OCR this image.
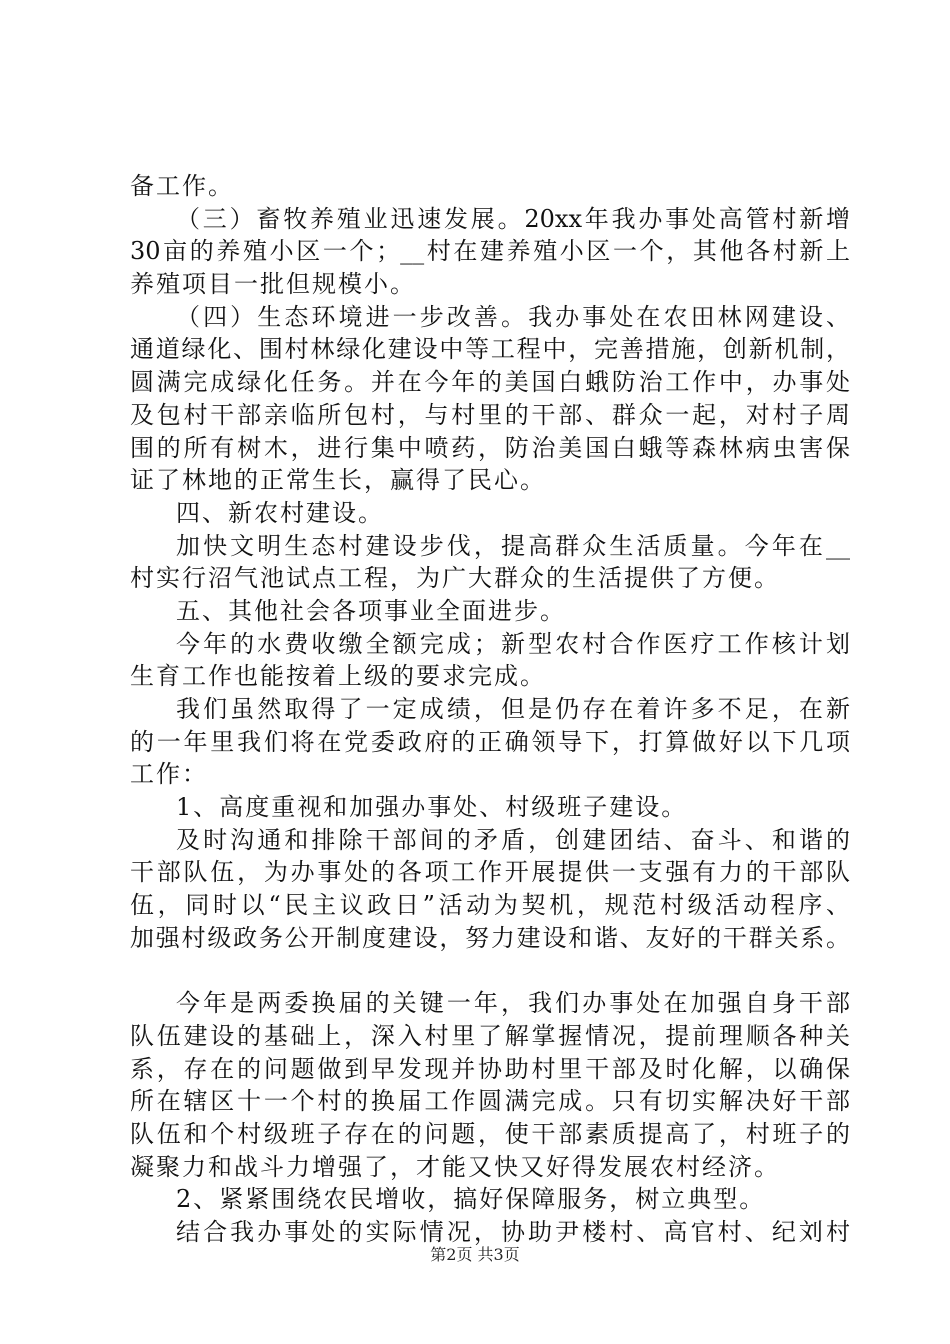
备工作。
（三）畜牧养殖业迅速发展。20xx年我办事处高管村新增
30亩的养殖小区一个；__村在建养殖小区一个，其他各村新上
养殖项目一批但规模小。
（四）生态环境进一步改善。我办事处在农田林网建设、
通道绿化、围村林绿化建设中等工程中，完善措施，创新机制，
圆满完成绿化任务。并在今年的美国白蛾防治工作中，办事处
及包村干部亲临所包村，与村里的干部、群众一起，对村子周
围的所有树木，进行集中喷药，防治美国白蛾等森林病虫害保
证了林地的正常生长，赢得了民心。
四、新农村建设。
加快文明生态村建设步伐，提高群众生活质量。今年在__
村实行沼气池试点工程，为广大群众的生活提供了方便。
五、其他社会各项事业全面进步。
今年的水费收缴全额完成；新型农村合作医疗工作核计划
生育工作也能按着上级的要求完成。
我们虽然取得了一定成绩，但是仍存在着许多不足，在新
的一年里我们将在党委政府的正确领导下，打算做好以下几项
工作：
1、高度重视和加强办事处、村级班子建设。
及时沟通和排除干部间的矛盾，创建团结、奋斗、和谐的
干部队伍，为办事处的各项工作开展提供一支强有力的干部队
伍，同时以“民主议政日”活动为契机，规范村级活动程序、
加强村级政务公开制度建设，努力建设和谐、友好的干群关系。
今年是两委换届的关键一年，我们办事处在加强自身干部
队伍建设的基础上，深入村里了解掌握情况，提前理顺各种关
系，存在的问题做到早发现并协助村里干部及时化解，以确保
所在辖区十一个村的换届工作圆满完成。只有切实解决好干部
队伍和个村级班子存在的问题，使干部素质提高了，村班子的
凝聚力和战斗力增强了，才能又快又好得发展农村经济。
2、紧紧围绕农民增收，搞好保障服务，树立典型。
结合我办事处的实际情况，协助尹楼村、高官村、纪刘村
第2页 共3页
